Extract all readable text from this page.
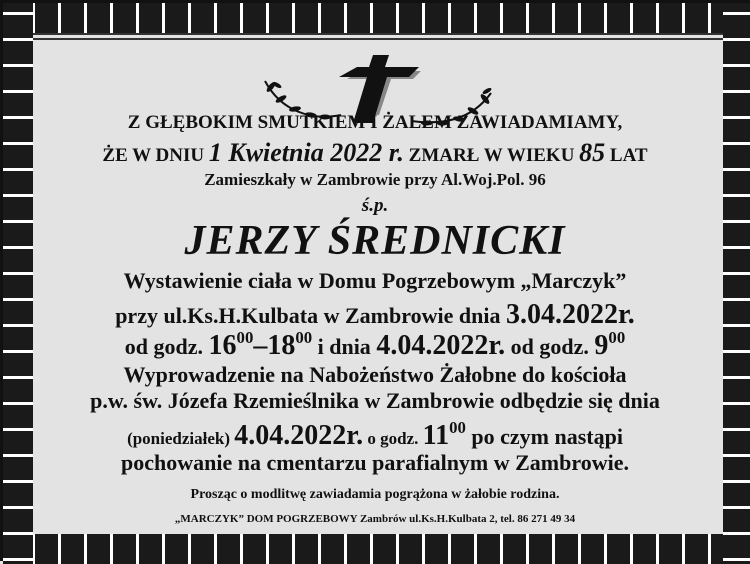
Z GŁĘBOKIM SMUTKIEM I ŻALEM ZAWIADAMIAMY,
ŻE W DNIU 1 Kwietnia 2022 r. ZMARŁ W WIEKU 85 LAT
Zamieszkały w Zambrowie przy Al.Woj.Pol. 96
ś.p.
JERZY ŚREDNICKI
Wystawienie ciała w Domu Pogrzebowym „Marczyk”
przy ul.Ks.H.Kulbata w Zambrowie dnia 3.04.2022r.
od godz. $16^{00}-18^{00}$ i dnia 4.04.2022r. od godz. $9^{00}$
Wyprowadzenie na Nabożeństwo Żałobne do kościoła
p.w. św. Józefa Rzemieślnika w Zambrowie odbędzie się dnia
(poniedziałek) 4.04.2022r. o godz. $11^{00}$ po czym nastąpi
pochowanie na cmentarzu parafialnym w Zambrowie.
Prosząc o modlitwę zawiadamia pogrążona w żałobie rodzina.
„MARCZYK” DOM POGRZEBOWY Zambrów ul.Ks.H.Kulbata 2, tel. 86 271 49 34
